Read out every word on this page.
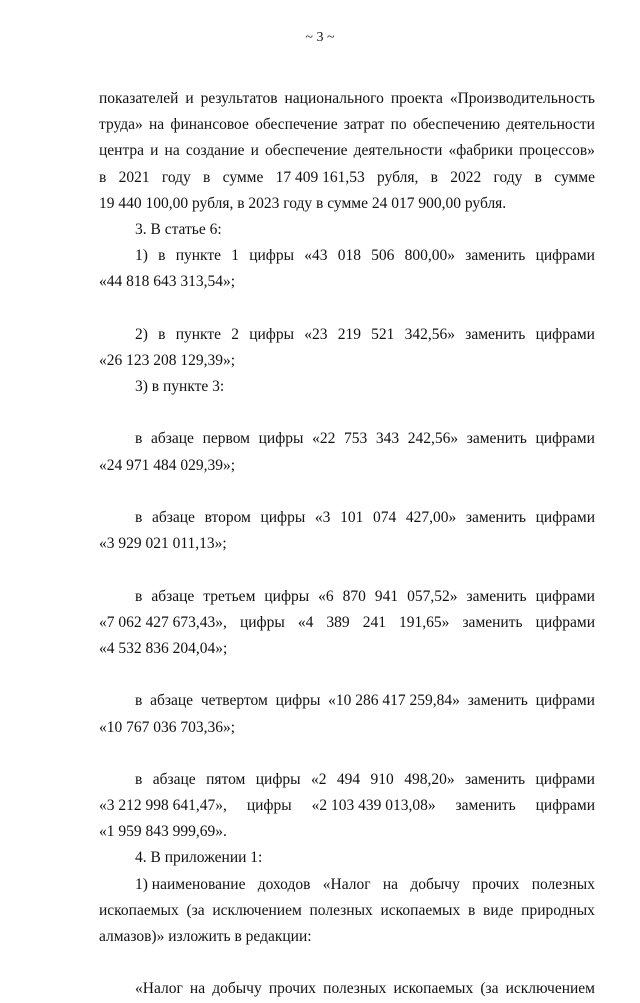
~ 3 ~
показателей и результатов национального проекта «Производительность
труда» на финансовое обеспечение затрат по обеспечению деятельности
центра и на создание и обеспечение деятельности «фабрики процессов»
в 2021 году в сумме 17 409 161,53 рубля, в 2022 году в сумме
19 440 100,00 рубля, в 2023 году в сумме 24 017 900,00 рубля.
3. В статье 6:
1) в пункте 1 цифры «43 018 506 800,00» заменить цифрами
«44 818 643 313,54»;
2) в пункте 2 цифры «23 219 521 342,56» заменить цифрами
«26 123 208 129,39»;
3) в пункте 3:
в абзаце первом цифры «22 753 343 242,56» заменить цифрами
«24 971 484 029,39»;
в абзаце втором цифры «3 101 074 427,00» заменить цифрами
«3 929 021 011,13»;
в абзаце третьем цифры «6 870 941 057,52» заменить цифрами
«7 062 427 673,43», цифры «4 389 241 191,65» заменить цифрами
«4 532 836 204,04»;
в абзаце четвертом цифры «10 286 417 259,84» заменить цифрами
«10 767 036 703,36»;
в абзаце пятом цифры «2 494 910 498,20» заменить цифрами
«3 212 998 641,47», цифры «2 103 439 013,08» заменить цифрами
«1 959 843 999,69».
4. В приложении 1:
1) наименование доходов «Налог на добычу прочих полезных
ископаемых (за исключением полезных ископаемых в виде природных
алмазов)» изложить в редакции:
«Налог на добычу прочих полезных ископаемых (за исключением
